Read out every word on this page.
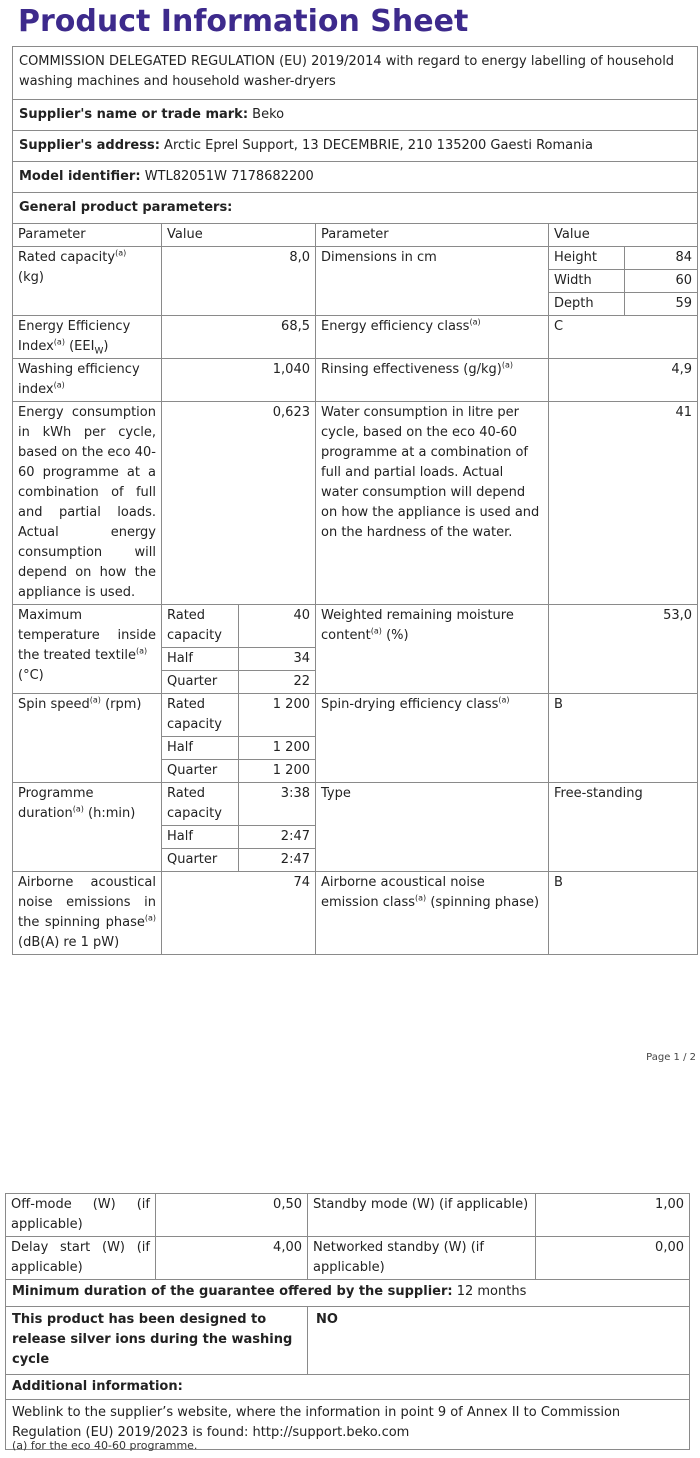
Product Information Sheet
COMMISSION DELEGATED REGULATION (EU) 2019/2014 with regard to energy labelling of household washing machines and household washer-dryers					
Supplier's name or trade mark: Beko					
Supplier's address: Arctic Eprel Support, 13 DECEMBRIE, 210 135200 Gaesti Romania					
Model identifier: WTL82051W 7178682200					
General product parameters:					
Parameter	Value		Parameter	Value	
Rated capacity$^{(a)}$
(kg)	8,0		Dimensions in cm	Height	84
				Width	60
				Depth	59
Energy Efficiency
Index$^{(a)}$ $(EEI_W)$	68,5		Energy efficiency class$^{(a)}$	C	
Washing efficiency
index$^{(a)}$	1,040		Rinsing effectiveness $(g/kg)^{(a)}$	4,9	
Energy consumption in kWh per cycle, based on the eco 40-60 programme at a combination of full and partial loads. Actual energy consumption will depend on how the appliance is used.	0,623		Water consumption in litre per cycle, based on the eco 40-60 programme at a combination of full and partial loads. Actual water consumption will depend on how the appliance is used and on the hardness of the water.	41	
Maximum temperature inside the treated textile$^{(a)}$
(°C)	Rated capacity	40	Weighted remaining moisture content$^{(a)}$ (%)	53,0	
	Half	34			
	Quarter	22			
Spin speed$^{(a)}$ (rpm)	Rated capacity	1 200	Spin-drying efficiency class$^{(a)}$	B	
	Half	1 200			
	Quarter	1 200			
Programme duration$^{(a)}$ (h:min)	Rated capacity	3:38	Type	Free-standing	
	Half	2:47			
	Quarter	2:47			
Airborne acoustical noise emissions in the spinning phase$^{(a)}$ (dB(A) re 1 pW)	74		Airborne acoustical noise emission class$^{(a)}$ (spinning phase)	B	
Page 1 / 2
Off-mode (W) (if applicable)	0,50	Standby mode (W) (if applicable)	1,00
Delay start (W) (if applicable)	4,00	Networked standby (W) (if applicable)	0,00
Minimum duration of the guarantee offered by the supplier: 12 months			
This product has been designed to release silver ions during the washing cycle		NO	
Additional information:			
Weblink to the supplier’s website, where the information in point 9 of Annex II to Commission Regulation (EU) 2019/2023 is found: http://support.beko.com			
(a) for the eco 40-60 programme.
